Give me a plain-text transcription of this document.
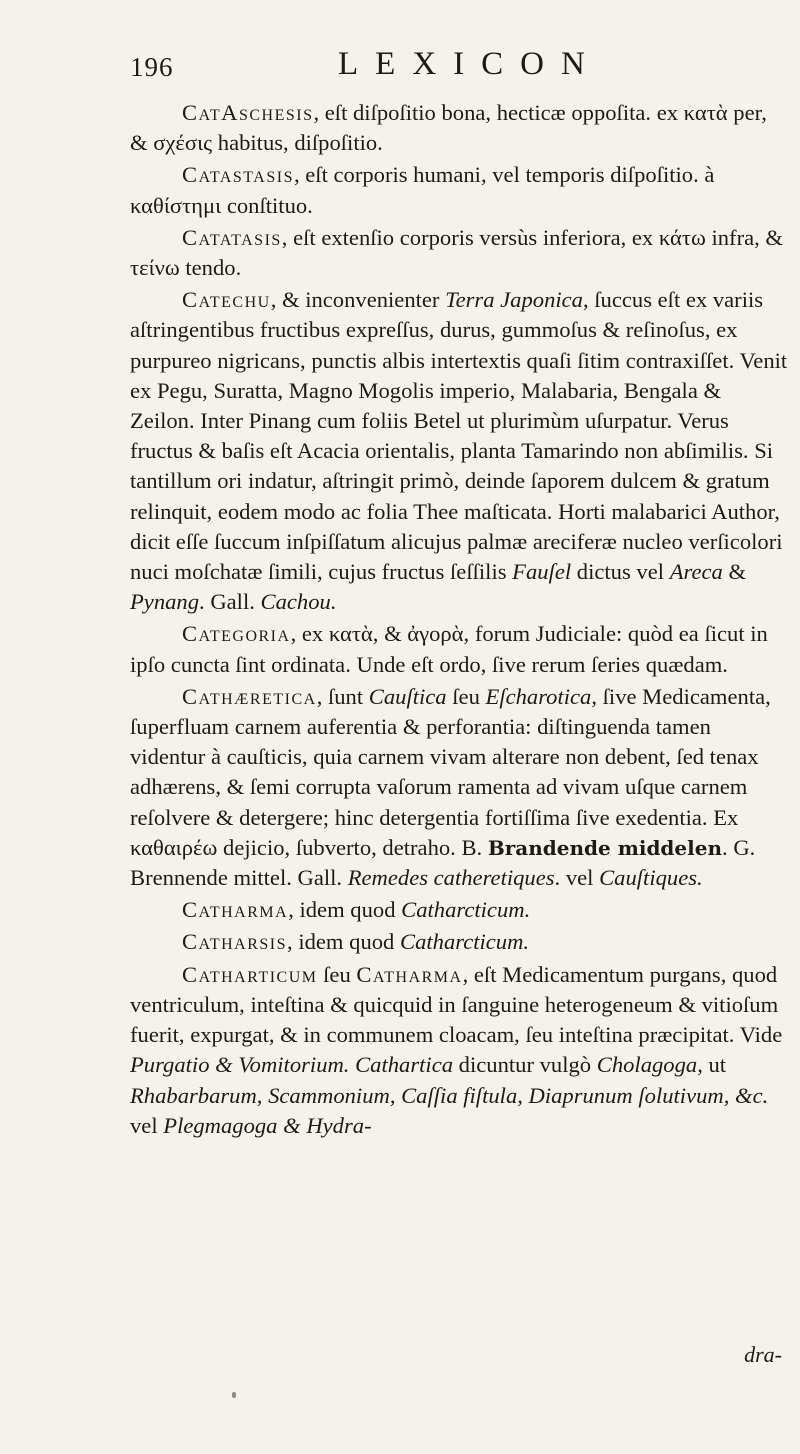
196	LEXICON

CatAschesis, eſt diſpoſitio bona, hecticæ oppoſita. ex κατὰ per, & σχέσις habitus, diſpoſitio.

Catastasis, eſt corporis humani, vel temporis diſpoſitio. à καθίστημι conſtituo.

Catatasis, eſt extenſio corporis versùs inferiora, ex κάτω infra, & τείνω tendo.

Catechu, & inconvenienter Terra Japonica, ſuccus eſt ex variis aſtringentibus fructibus expreſſus, durus, gummoſus & reſinoſus, ex purpureo nigricans, punctis albis intertextis quaſi ſitim contraxiſſet. Venit ex Pegu, Suratta, Magno Mogolis imperio, Malabaria, Bengala & Zeilon. Inter Pinang cum foliis Betel ut plurimùm uſurpatur. Verus fructus & baſis eſt Acacia orientalis, planta Tamarindo non abſimilis. Si tantillum ori indatur, aſtringit primò, deinde ſaporem dulcem & gratum relinquit, eodem modo ac folia Thee maſticata. Horti malabarici Author, dicit eſſe ſuccum inſpiſſatum alicujus palmæ areciferæ nucleo verſicolori nuci moſchatæ ſimili, cujus fructus ſeſſilis Fauſel dictus vel Areca & Pynang. Gall. Cachou.

Categoria, ex κατὰ, & ἀγορὰ, forum Judiciale: quòd ea ſicut in ipſo cuncta ſint ordinata. Unde eſt ordo, ſive rerum ſeries quædam.

Cathæretica, ſunt Cauſtica ſeu Eſcharotica, ſive Medicamenta, ſuperfluam carnem auferentia & perforantia: diſtinguenda tamen videntur à cauſticis, quia carnem vivam alterare non debent, ſed tenax adhærens, & ſemi corrupta vaſorum ramenta ad vivam uſque carnem reſolvere & detergere; hinc detergentia fortiſſima ſive exedentia. Ex καθαιρέω dejicio, ſubverto, detraho. B. Brandende middelen. G. Brennende mittel. Gall. Remedes catheretiques. vel Cauſtiques.

Catharma, idem quod Catharcticum.

Catharsis, idem quod Catharcticum.

Catharticum ſeu Catharma, eſt Medicamentum purgans, quod ventriculum, inteſtina & quicquid in ſanguine heterogeneum & vitioſum fuerit, expurgat, & in communem cloacam, ſeu inteſtina præcipitat. Vide Purgatio & Vomitorium. Cathartica dicuntur vulgò Cholagoga, ut Rhabarbarum, Scammonium, Caſſia fiſtula, Diaprunum ſolutivum, &c. vel Plegmagoga & Hydra-

dra-
